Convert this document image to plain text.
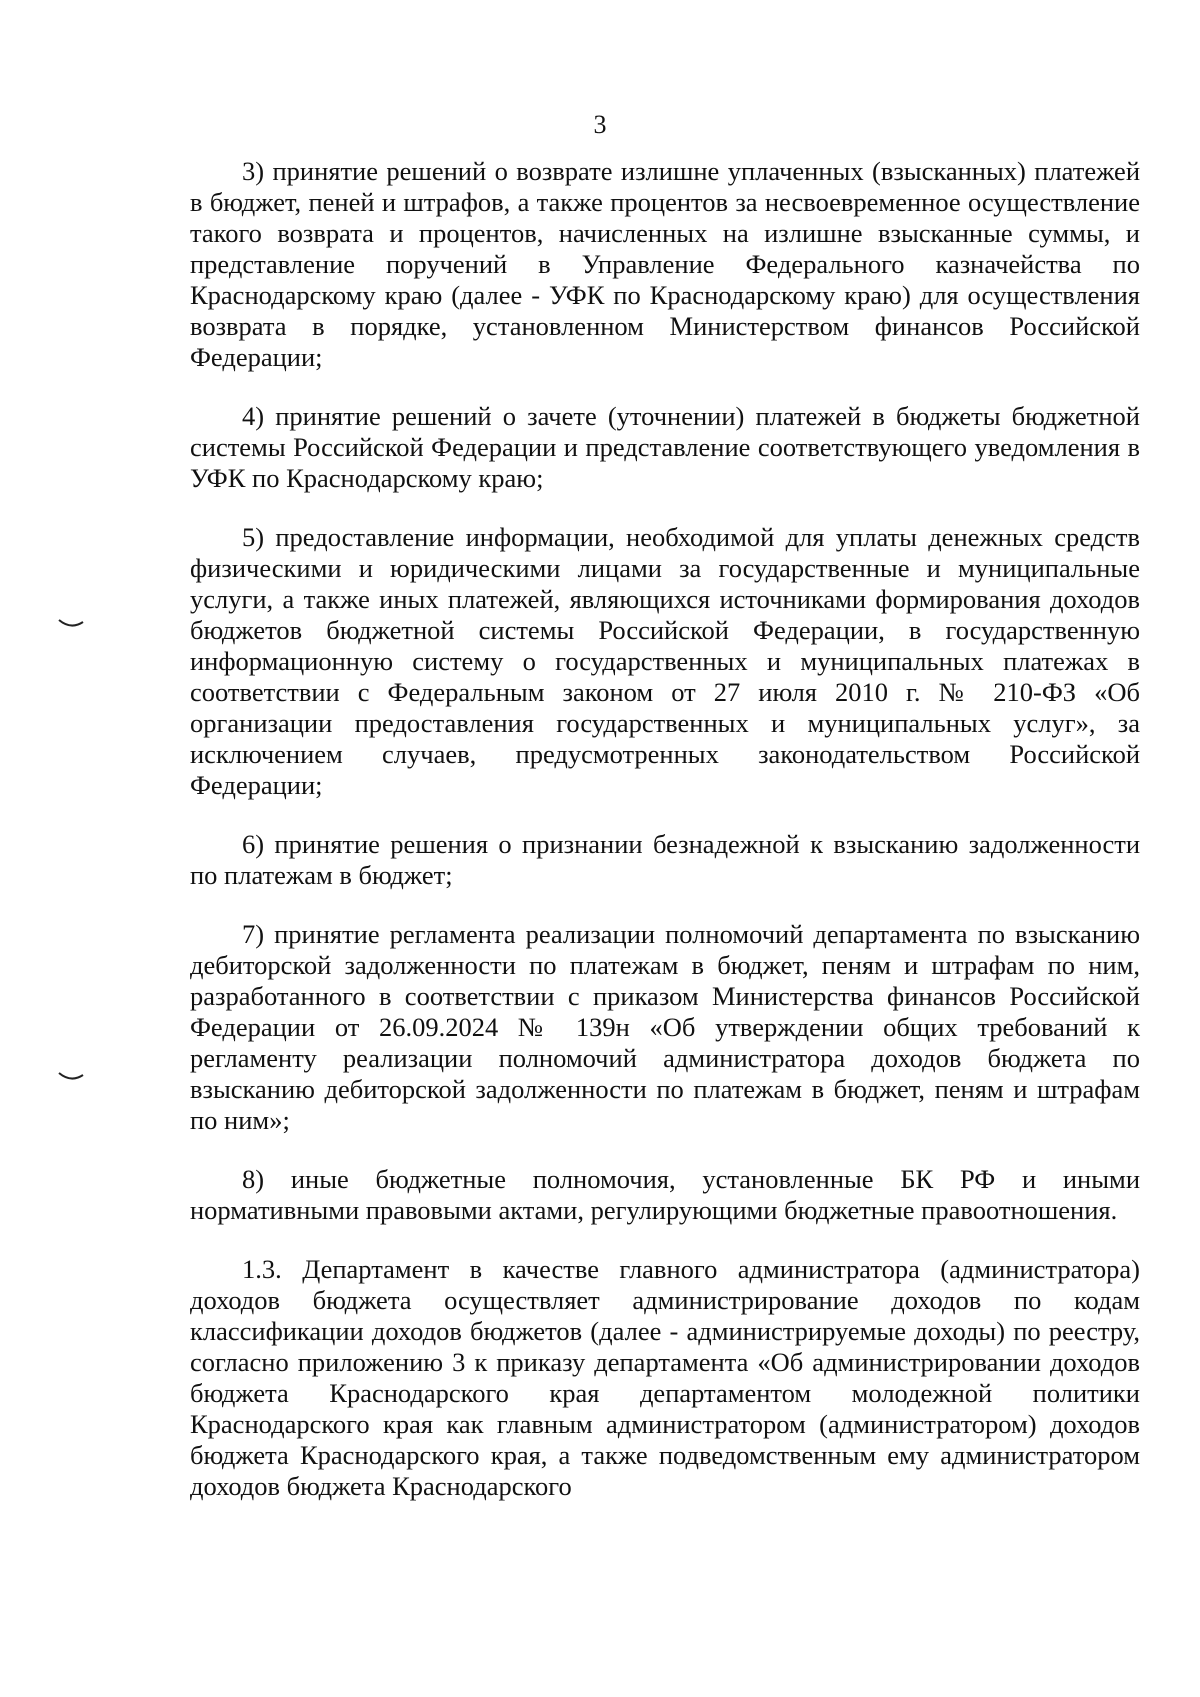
3

3) принятие решений о возврате излишне уплаченных (взысканных) платежей в бюджет, пеней и штрафов, а также процентов за несвоевременное осуществление такого возврата и процентов, начисленных на излишне взысканные суммы, и представление поручений в Управление Федерального казначейства по Краснодарскому краю (далее - УФК по Краснодарскому краю) для осуществления возврата в порядке, установленном Министерством финансов Российской Федерации;

4) принятие решений о зачете (уточнении) платежей в бюджеты бюджетной системы Российской Федерации и представление соответствующего уведомления в УФК по Краснодарскому краю;

5) предоставление информации, необходимой для уплаты денежных средств физическими и юридическими лицами за государственные и муниципальные услуги, а также иных платежей, являющихся источниками формирования доходов бюджетов бюджетной системы Российской Федерации, в государственную информационную систему о государственных и муниципальных платежах в соответствии с Федеральным законом от 27 июля 2010 г. № 210-ФЗ «Об организации предоставления государственных и муниципальных услуг», за исключением случаев, предусмотренных законодательством Российской Федерации;

6) принятие решения о признании безнадежной к взысканию задолженности по платежам в бюджет;

7) принятие регламента реализации полномочий департамента по взысканию дебиторской задолженности по платежам в бюджет, пеням и штрафам по ним, разработанного в соответствии с приказом Министерства финансов Российской Федерации от 26.09.2024 № 139н «Об утверждении общих требований к регламенту реализации полномочий администратора доходов бюджета по взысканию дебиторской задолженности по платежам в бюджет, пеням и штрафам по ним»;

8) иные бюджетные полномочия, установленные БК РФ и иными нормативными правовыми актами, регулирующими бюджетные правоотношения.

1.3. Департамент в качестве главного администратора (администратора) доходов бюджета осуществляет администрирование доходов по кодам классификации доходов бюджетов (далее - администрируемые доходы) по реестру, согласно приложению 3 к приказу департамента «Об администрировании доходов бюджета Краснодарского края департаментом молодежной политики Краснодарского края как главным администратором (администратором) доходов бюджета Краснодарского края, а также подведомственным ему администратором доходов бюджета Краснодарского
